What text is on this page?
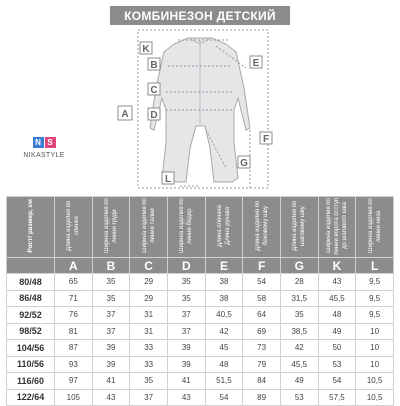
КОМБИНЕЗОН ДЕТСКИЙ
K
B
C
D
A
E
F
G
L
N S
NIKASTYLE
Рост/ размер, см	Длина изделия по спинке	Ширина изделия по линии груди	Ширина изделия по линии талии	Ширина изделия по линии бёдер	Длина плечача Длина рукава	Длина изделия по боковому шву	Длина изделия по шаговому шву	Ширина изделия по линии ворота отступ до шагового шва	Ширина изделия по линии низа
	A	B	C	D	E	F	G	K	L
80/48	65	35	29	35	38	54	28	43	9,5
86/48	71	35	29	35	38	58	31,5	45,5	9,5
92/52	76	37	31	37	40,5	64	35	48	9,5
98/52	81	37	31	37	42	69	38,5	49	10
104/56	87	39	33	39	45	73	42	50	10
110/56	93	39	33	39	48	79	45,5	53	10
116/60	97	41	35	41	51,5	84	49	54	10,5
122/64	105	43	37	43	54	89	53	57,5	10,5
